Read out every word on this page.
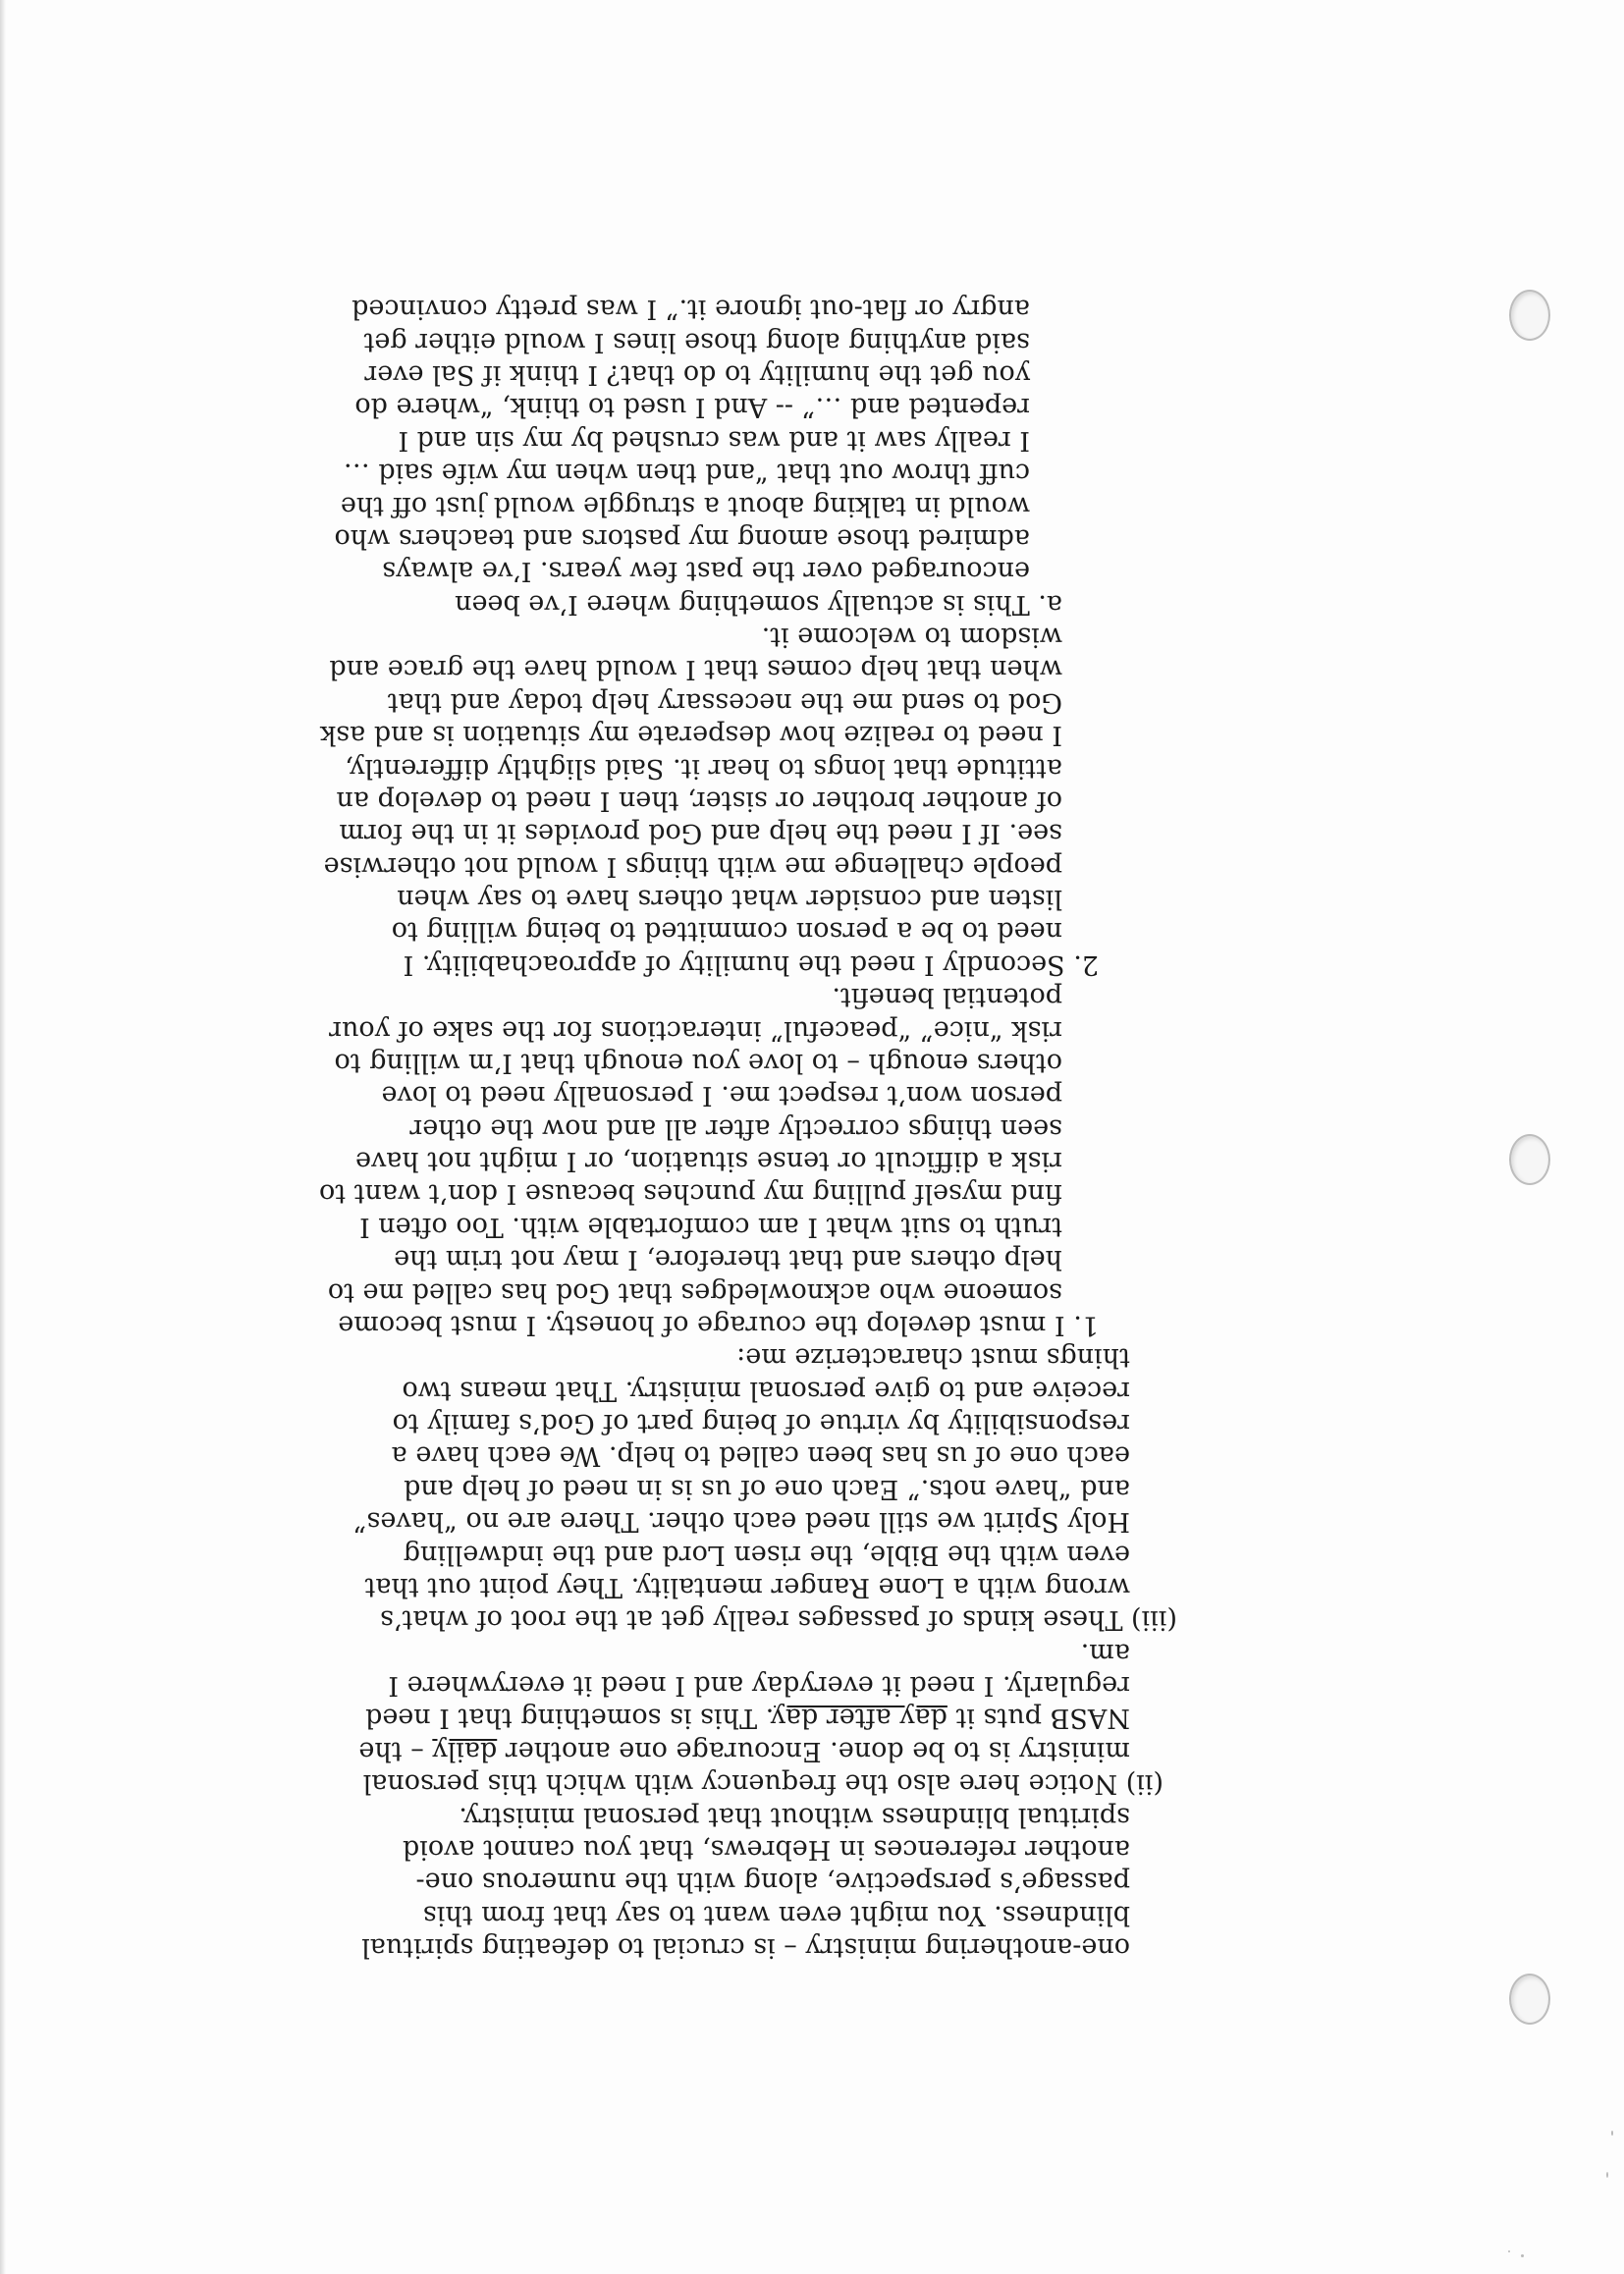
one-anothering ministry – is crucial to defeating spiritual
blindness. You might even want to say that from this
passage’s perspective, along with the numerous one-
another references in Hebrews, that you cannot avoid
spiritual blindness without that personal ministry.
(ii) Notice here also the frequency with which this personal
ministry is to be done. Encourage one another daily – the
NASB puts it day after day. This is something that I need
regularly. I need it everyday and I need it everywhere I
am.
(iii) These kinds of passages really get at the root of what’s
wrong with a Lone Ranger mentality. They point out that
even with the Bible, the risen Lord and the indwelling
Holy Spirit we still need each other. There are no “haves”
and “have nots.” Each one of us is in need of help and
each one of us has been called to help. We each have a
responsibility by virtue of being part of God’s family to
receive and to give personal ministry. That means two
things must characterize me:
1. I must develop the courage of honesty. I must become
someone who acknowledges that God has called me to
help others and that therefore, I may not trim the
truth to suit what I am comfortable with. Too often I
find myself pulling my punches because I don’t want to
risk a difficult or tense situation, or I might not have
seen things correctly after all and now the other
person won’t respect me. I personally need to love
others enough – to love you enough that I’m willing to
risk “nice” “peaceful” interactions for the sake of your
potential benefit.
2. Secondly I need the humility of approachability. I
need to be a person committed to being willing to
listen and consider what others have to say when
people challenge me with things I would not otherwise
see. If I need the help and God provides it in the form
of another brother or sister, then I need to develop an
attitude that longs to hear it. Said slightly differently,
I need to realize how desperate my situation is and ask
God to send me the necessary help today and that
when that help comes that I would have the grace and
wisdom to welcome it.
a. This is actually something where I’ve been
encouraged over the past few years. I’ve always
admired those among my pastors and teachers who
would in talking about a struggle would just off the
cuff throw out that “and then when my wife said …
I really saw it and was crushed by my sin and I
repented and …” -- And I used to think, “where do
you get the humility to do that? I think if Sal ever
said anything along those lines I would either get
angry or flat-out ignore it.” I was pretty convinced
